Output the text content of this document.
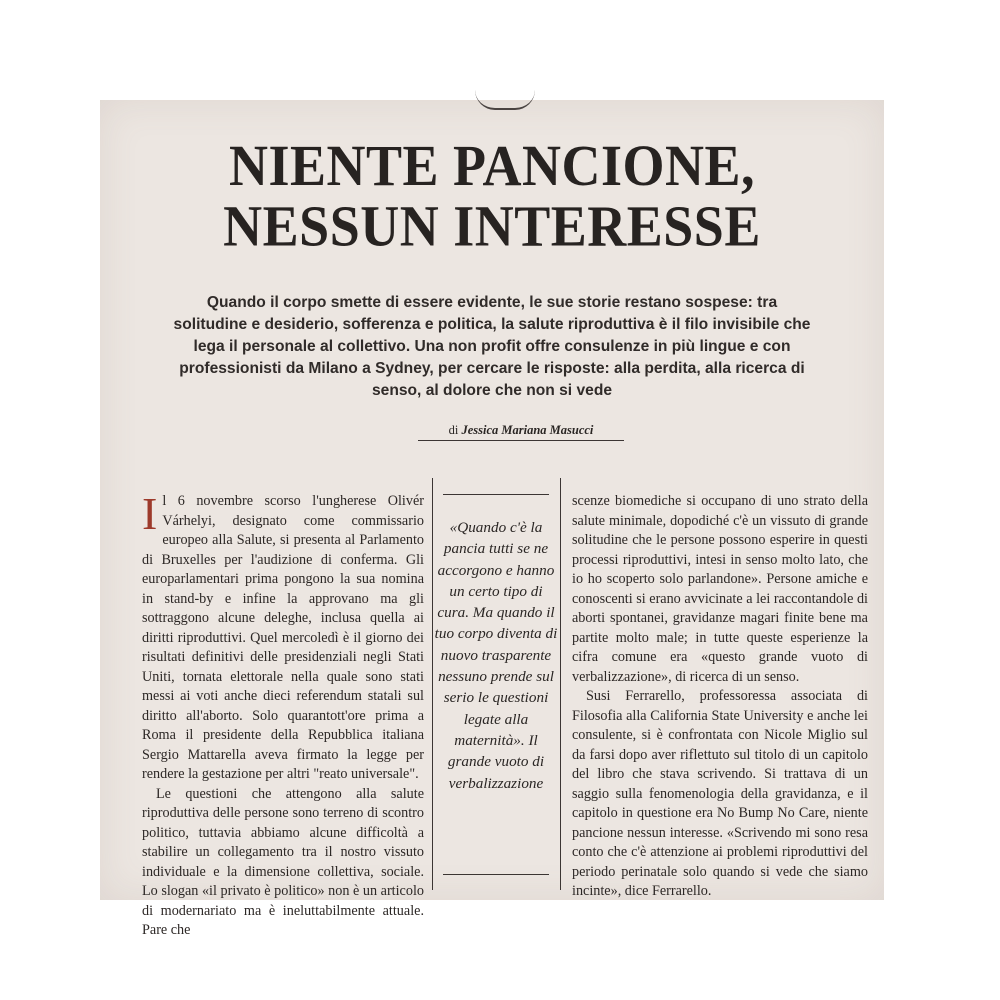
NIENTE PANCIONE,
NESSUN INTERESSE

Quando il corpo smette di essere evidente, le sue storie restano sospese: tra solitudine e desiderio, sofferenza e politica, la salute riproduttiva è il filo invisibile che lega il personale al collettivo. Una non profit offre consulenze in più lingue e con professionisti da Milano a Sydney, per cercare le risposte: alla perdita, alla ricerca di senso, al dolore che non si vede

di Jessica Mariana Masucci

Il 6 novembre scorso l'ungherese Olivér Várhelyi, designato come commissario europeo alla Salute, si presenta al Parlamento di Bruxelles per l'audizione di conferma. Gli europarlamentari prima pongono la sua nomina in stand-by e infine la approvano ma gli sottraggono alcune deleghe, inclusa quella ai diritti riproduttivi. Quel mercoledì è il giorno dei risultati definitivi delle presidenziali negli Stati Uniti, tornata elettorale nella quale sono stati messi ai voti anche dieci referendum statali sul diritto all'aborto. Solo quarantott'ore prima a Roma il presidente della Repubblica italiana Sergio Mattarella aveva firmato la legge per rendere la gestazione per altri "reato universale".

Le questioni che attengono alla salute riproduttiva delle persone sono terreno di scontro politico, tuttavia abbiamo alcune difficoltà a stabilire un collegamento tra il nostro vissuto individuale e la dimensione collettiva, sociale. Lo slogan «il privato è politico» non è un articolo di modernariato ma è ineluttabilmente attuale. Pare che

«Quando c'è la pancia tutti se ne accorgono e hanno un certo tipo di cura. Ma quando il tuo corpo diventa di nuovo trasparente nessuno prende sul serio le questioni legate alla maternità». Il grande vuoto di verbalizzazione

scenze biomediche si occupano di uno strato della salute minimale, dopodiché c'è un vissuto di grande solitudine che le persone possono esperire in questi processi riproduttivi, intesi in senso molto lato, che io ho scoperto solo parlandone». Persone amiche e conoscenti si erano avvicinate a lei raccontandole di aborti spontanei, gravidanze magari finite bene ma partite molto male; in tutte queste esperienze la cifra comune era «questo grande vuoto di verbalizzazione», di ricerca di un senso.

Susi Ferrarello, professoressa associata di Filosofia alla California State University e anche lei consulente, si è confrontata con Nicole Miglio sul da farsi dopo aver riflettuto sul titolo di un capitolo del libro che stava scrivendo. Si trattava di un saggio sulla fenomenologia della gravidanza, e il capitolo in questione era No Bump No Care, niente pancione nessun interesse. «Scrivendo mi sono resa conto che c'è attenzione ai problemi riproduttivi del periodo perinatale solo quando si vede che siamo incinte», dice Ferrarello.
